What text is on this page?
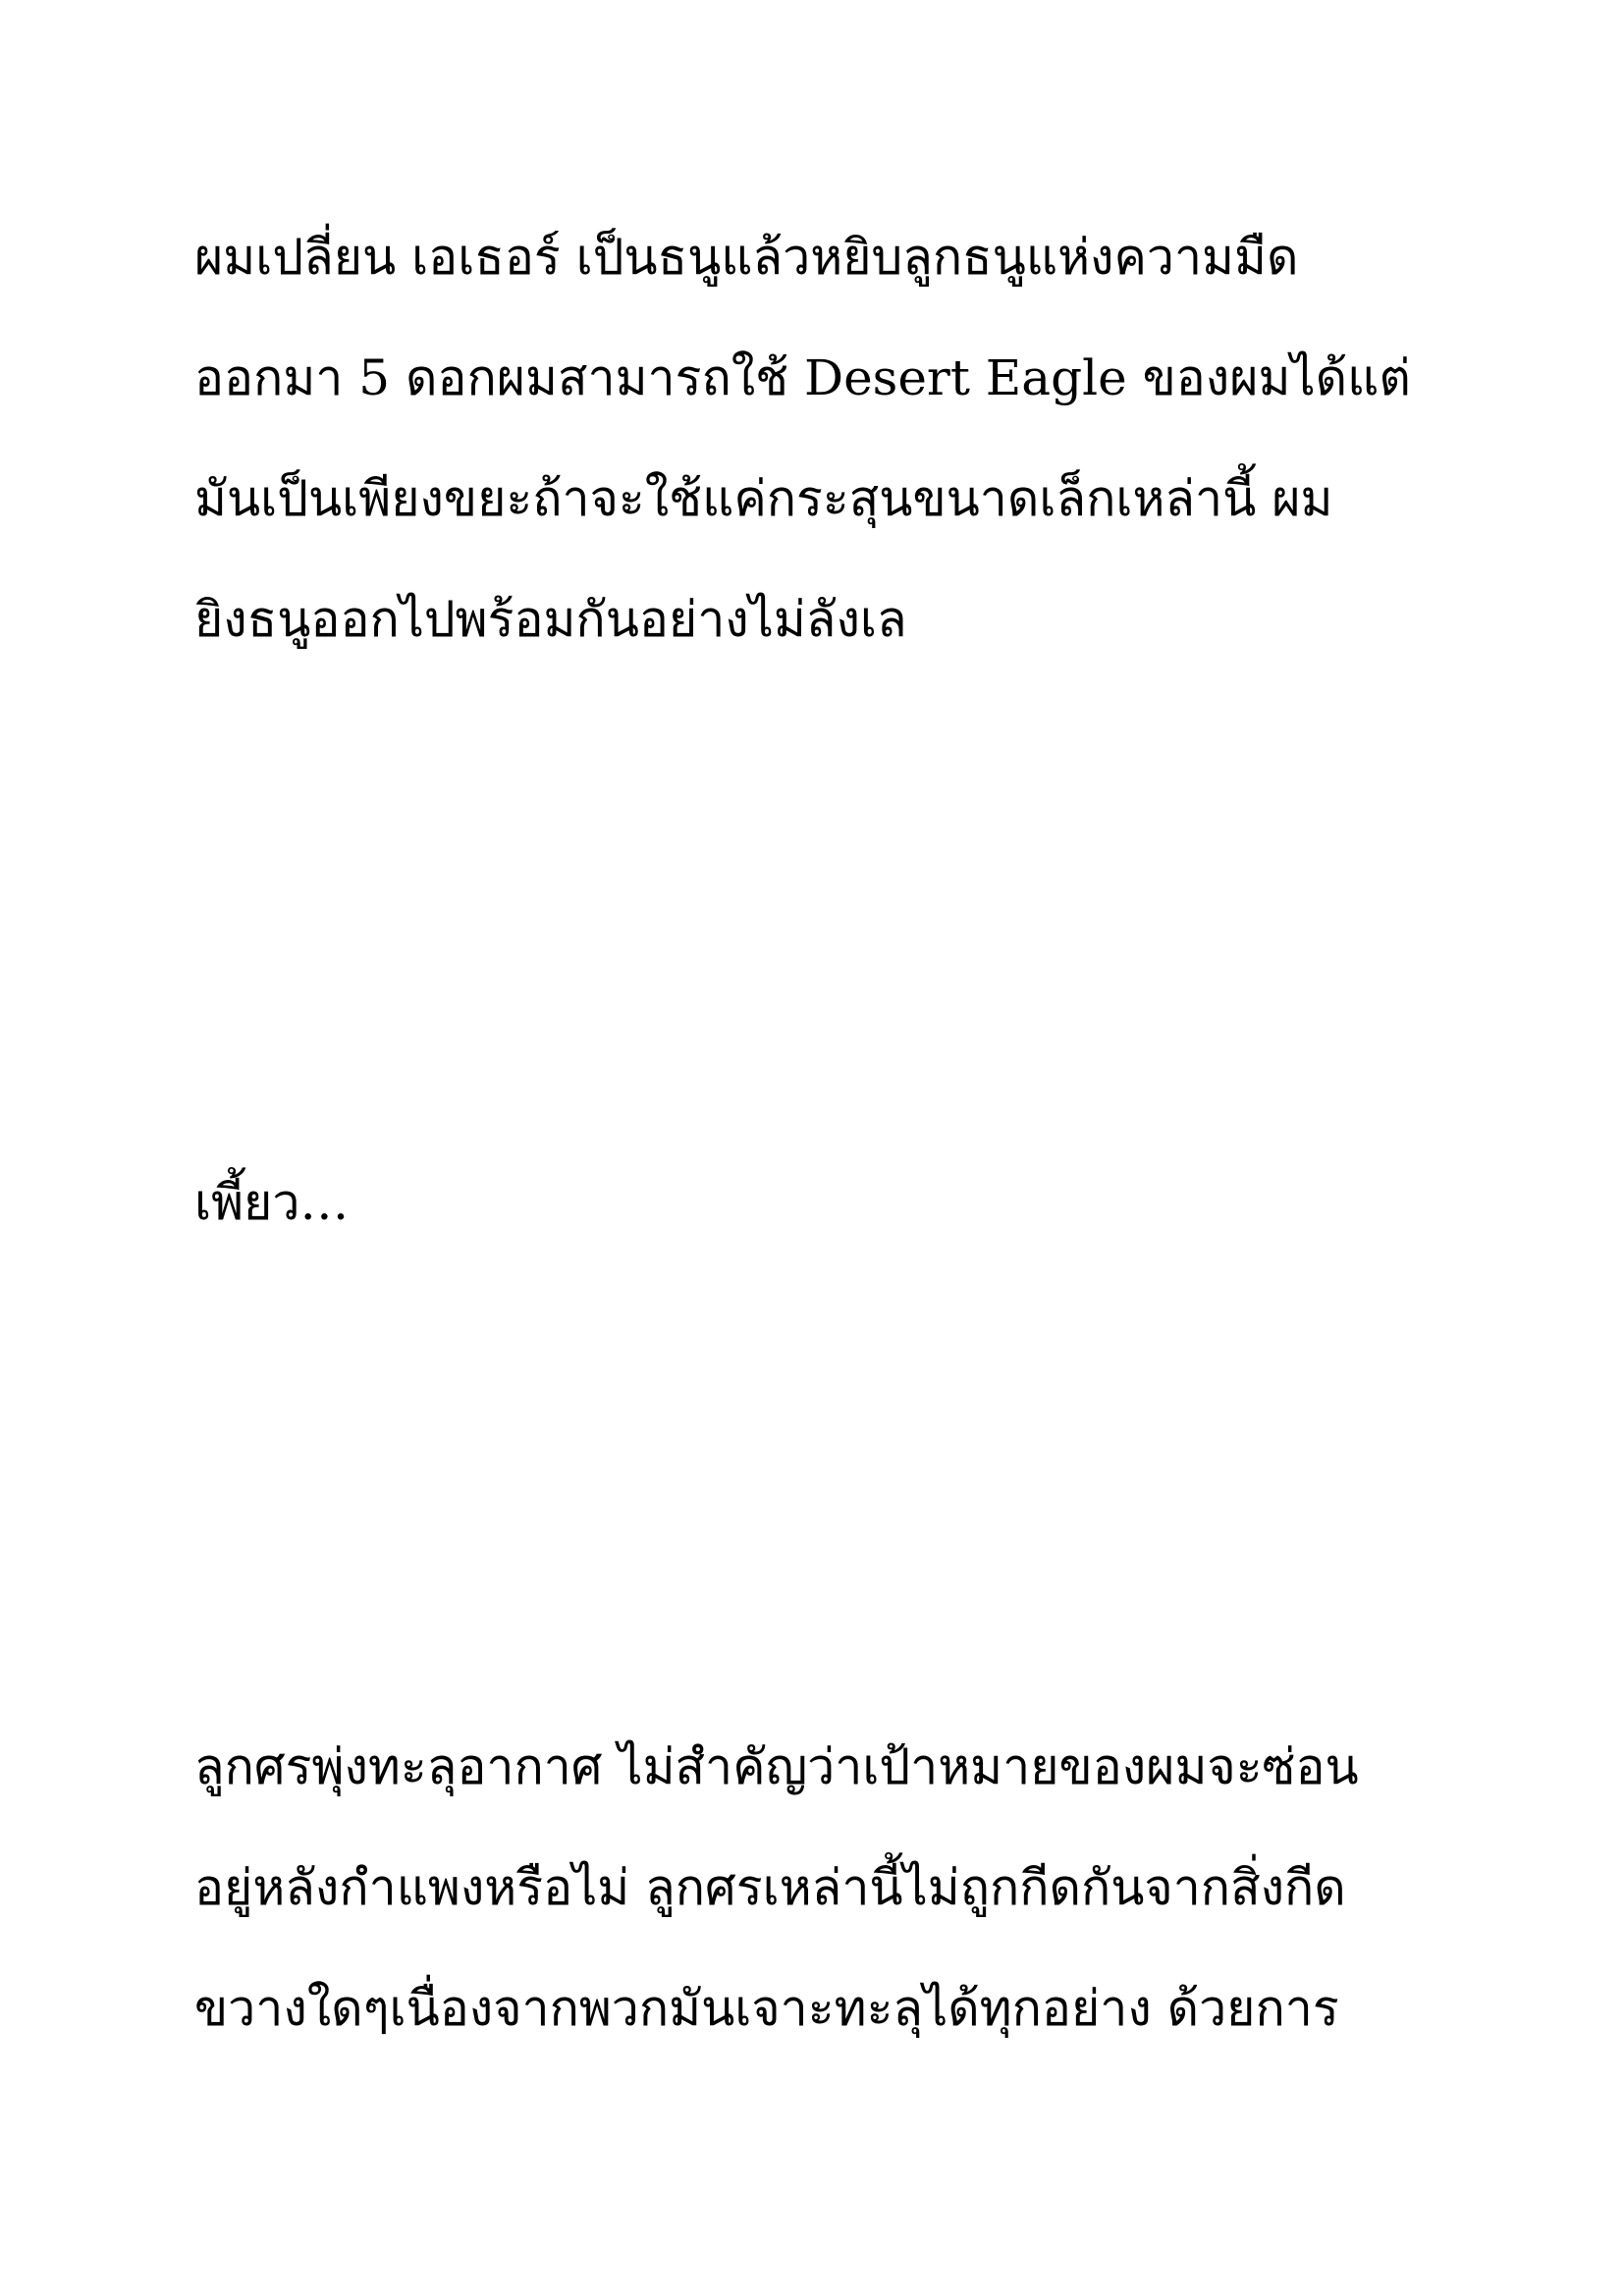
ผมเปลี่ยน เอเธอร์ เป็นธนูแล้วหยิบลูกธนูแห่งความมืด
ออกมา 5 ดอกผมสามารถใช้ Desert Eagle ของผมได้แต่
มันเป็นเพียงขยะถ้าจะใช้แค่กระสุนขนาดเล็กเหล่านี้ ผม
ยิงธนูออกไปพร้อมกันอย่างไม่ลังเล
เพี้ยว…
ลูกศรพุ่งทะลุอากาศ ไม่สำคัญว่าเป้าหมายของผมจะซ่อน
อยู่หลังกำแพงหรือไม่ ลูกศรเหล่านี้ไม่ถูกกีดกันจากสิ่งกีด
ขวางใดๆเนื่องจากพวกมันเจาะทะลุได้ทุกอย่าง ด้วยการ
